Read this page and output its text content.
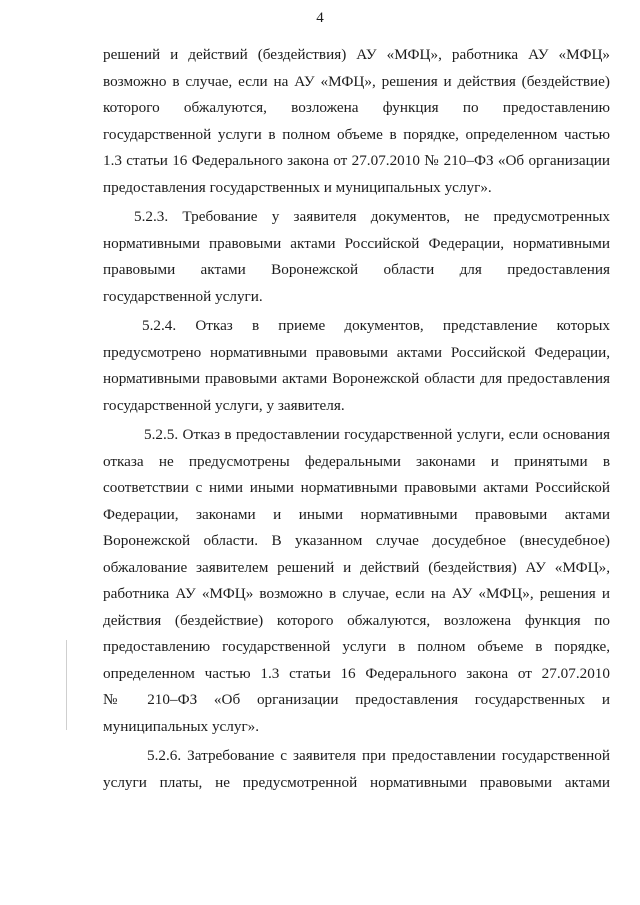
4
решений и действий (бездействия) АУ «МФЦ», работника АУ «МФЦ»
возможно в случае, если на АУ «МФЦ», решения и действия (бездействие)
которого обжалуются, возложена функция по предоставлению
государственной услуги в полном объеме в порядке, определенном частью
1.3 статьи 16 Федерального закона от 27.07.2010 № 210–ФЗ «Об организации
предоставления государственных и муниципальных услуг».
5.2.3. Требование у заявителя документов, не предусмотренных
нормативными правовыми актами Российской Федерации, нормативными
правовыми актами Воронежской области для предоставления
государственной услуги.
5.2.4. Отказ в приеме документов, представление которых
предусмотрено нормативными правовыми актами Российской Федерации,
нормативными правовыми актами Воронежской области для предоставления
государственной услуги, у заявителя.
5.2.5. Отказ в предоставлении государственной услуги, если основания
отказа не предусмотрены федеральными законами и принятыми в
соответствии с ними иными нормативными правовыми актами Российской
Федерации, законами и иными нормативными правовыми актами
Воронежской области. В указанном случае досудебное (внесудебное)
обжалование заявителем решений и действий (бездействия) АУ «МФЦ»,
работника АУ «МФЦ» возможно в случае, если на АУ «МФЦ», решения и
действия (бездействие) которого обжалуются, возложена функция по
предоставлению государственной услуги в полном объеме в порядке,
определенном частью 1.3 статьи 16 Федерального закона от 27.07.2010
№ 210–ФЗ «Об организации предоставления государственных и
муниципальных услуг».
5.2.6. Затребование с заявителя при предоставлении государственной
услуги платы, не предусмотренной нормативными правовыми актами
